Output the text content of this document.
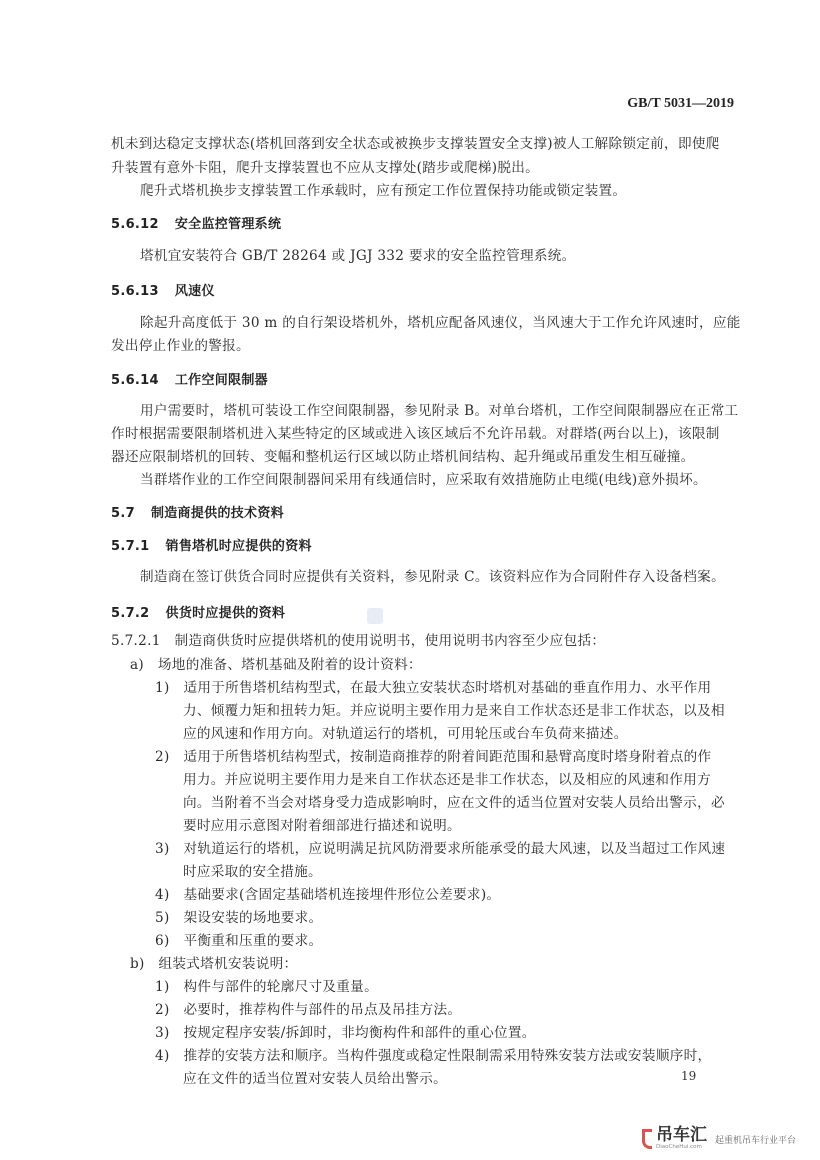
GB/T 5031—2019
机未到达稳定支撑状态(塔机回落到安全状态或被换步支撑装置安全支撑)被人工解除锁定前，即使爬
升装置有意外卡阻，爬升支撑装置也不应从支撑处(踏步或爬梯)脱出。
爬升式塔机换步支撑装置工作承载时，应有预定工作位置保持功能或锁定装置。
5.6.12 安全监控管理系统
塔机宜安装符合 GB/T 28264 或 JGJ 332 要求的安全监控管理系统。
5.6.13 风速仪
除起升高度低于 30 m 的自行架设塔机外，塔机应配备风速仪，当风速大于工作允许风速时，应能
发出停止作业的警报。
5.6.14 工作空间限制器
用户需要时，塔机可装设工作空间限制器，参见附录 B。对单台塔机，工作空间限制器应在正常工
作时根据需要限制塔机进入某些特定的区域或进入该区域后不允许吊载。对群塔(两台以上)，该限制
器还应限制塔机的回转、变幅和整机运行区域以防止塔机间结构、起升绳或吊重发生相互碰撞。
当群塔作业的工作空间限制器间采用有线通信时，应采取有效措施防止电缆(电线)意外损坏。
5.7 制造商提供的技术资料
5.7.1 销售塔机时应提供的资料
制造商在签订供货合同时应提供有关资料，参见附录 C。该资料应作为合同附件存入设备档案。
5.7.2 供货时应提供的资料
5.7.2.1　制造商供货时应提供塔机的使用说明书，使用说明书内容至少应包括：
a)　场地的准备、塔机基础及附着的设计资料：
1)　适用于所售塔机结构型式，在最大独立安装状态时塔机对基础的垂直作用力、水平作用
力、倾覆力矩和扭转力矩。并应说明主要作用力是来自工作状态还是非工作状态，以及相
应的风速和作用方向。对轨道运行的塔机，可用轮压或台车负荷来描述。
2)　适用于所售塔机结构型式，按制造商推荐的附着间距范围和悬臂高度时塔身附着点的作
用力。并应说明主要作用力是来自工作状态还是非工作状态，以及相应的风速和作用方
向。当附着不当会对塔身受力造成影响时，应在文件的适当位置对安装人员给出警示，必
要时应用示意图对附着细部进行描述和说明。
3)　对轨道运行的塔机，应说明满足抗风防滑要求所能承受的最大风速，以及当超过工作风速
时应采取的安全措施。
4)　基础要求(含固定基础塔机连接埋件形位公差要求)。
5)　架设安装的场地要求。
6)　平衡重和压重的要求。
b)　组装式塔机安装说明：
1)　构件与部件的轮廓尺寸及重量。
2)　必要时，推荐构件与部件的吊点及吊挂方法。
3)　按规定程序安装/拆卸时，非均衡构件和部件的重心位置。
4)　推荐的安装方法和顺序。当构件强度或稳定性限制需采用特殊安装方法或安装顺序时，
应在文件的适当位置对安装人员给出警示。	19
吊车汇
DiaoCheHui.com
起重机吊车行业平台
